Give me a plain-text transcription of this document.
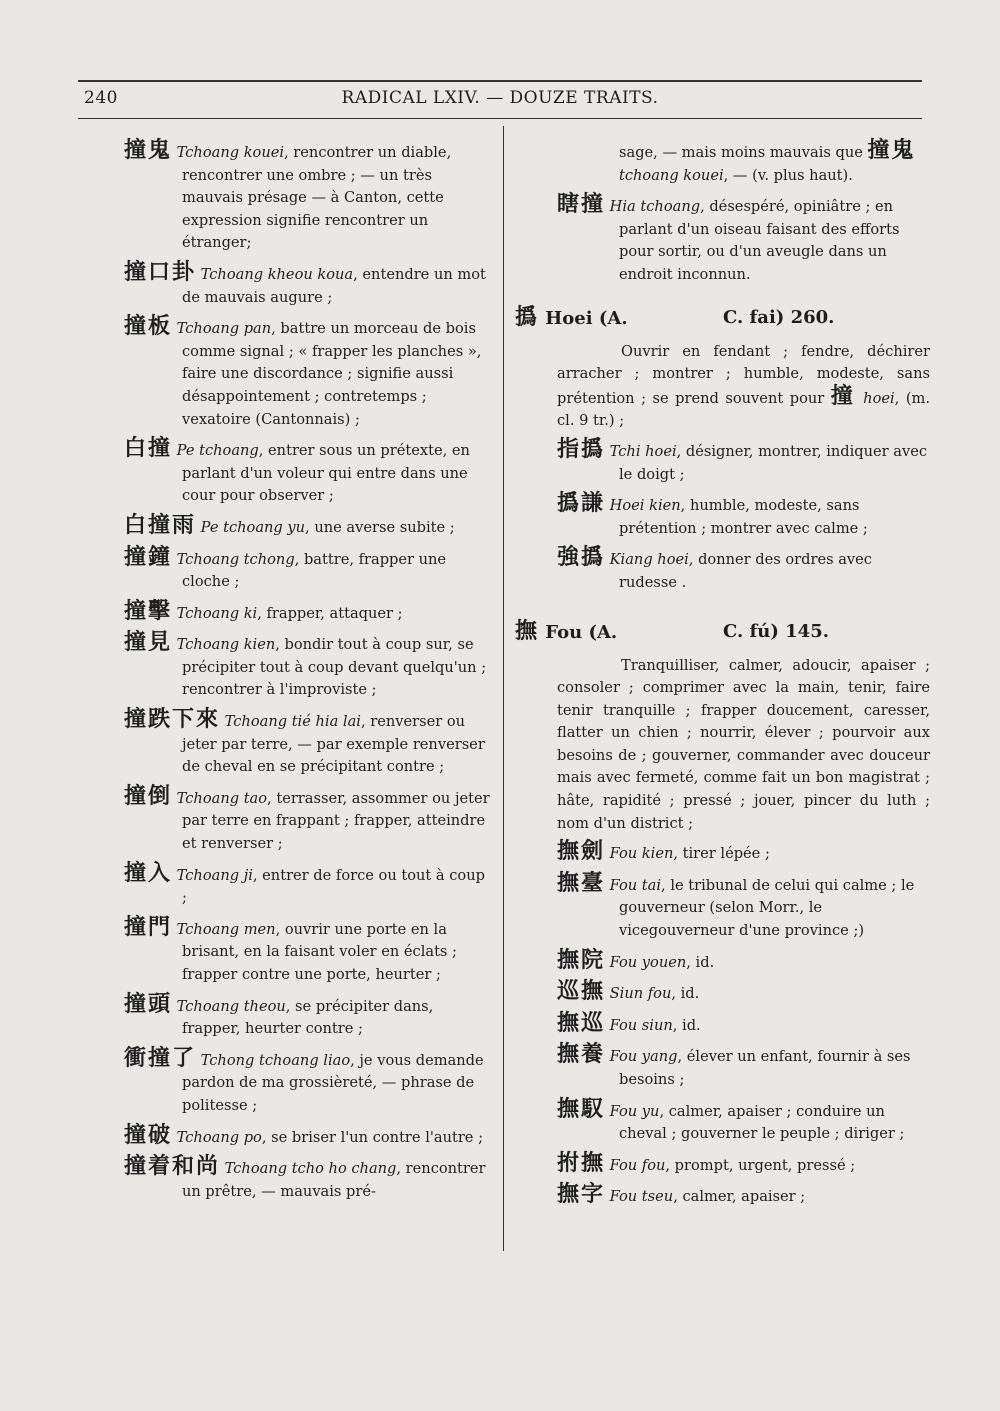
240	RADICAL LXIV. — DOUZE TRAITS.
撞鬼 Tchoang kouei, rencontrer un diable, rencontrer une ombre ; — un très mauvais présage — à Canton, cette expression signifie rencontrer un étranger;
撞口卦 Tchoang kheou koua, entendre un mot de mauvais augure ;
撞板 Tchoang pan, battre un morceau de bois comme signal ; « frapper les planches », faire une discordance ; signifie aussi désappointement ; contretemps ; vexatoire (Cantonnais) ;
白撞 Pe tchoang, entrer sous un prétexte, en parlant d'un voleur qui entre dans une cour pour observer ;
白撞雨 Pe tchoang yu, une averse subite ;
撞鐘 Tchoang tchong, battre, frapper une cloche ;
撞擊 Tchoang ki, frapper, attaquer ;
撞見 Tchoang kien, bondir tout à coup sur, se précipiter tout à coup devant quelqu'un ; rencontrer à l'improviste ;
撞跌下來 Tchoang tié hia lai, renverser ou jeter par terre, — par exemple renverser de cheval en se précipitant contre ;
撞倒 Tchoang tao, terrasser, assommer ou jeter par terre en frappant ; frapper, atteindre et renverser ;
撞入 Tchoang ji, entrer de force ou tout à coup ;
撞門 Tchoang men, ouvrir une porte en la brisant, en la faisant voler en éclats ; frapper contre une porte, heurter ;
撞頭 Tchoang theou, se précipiter dans, frapper, heurter contre ;
衝撞了 Tchong tchoang liao, je vous demande pardon de ma grossièreté, — phrase de politesse ;
撞破 Tchoang po, se briser l'un contre l'autre ;
撞着和尚 Tchoang tcho ho chang, rencontrer un prêtre, — mauvais pré-
sage, — mais moins mauvais que 撞鬼 tchoang kouei, — (v. plus haut).
瞎撞 Hia tchoang, désespéré, opiniâtre ; en parlant d'un oiseau faisant des efforts pour sortir, ou d'un aveugle dans un endroit inconnun.
撝 Hoei (A.	C. fai) 260.
Ouvrir en fendant ; fendre, déchirer arracher ; montrer ; humble, modeste, sans prétention ; se prend souvent pour 撞 hoei, (m. cl. 9 tr.) ;
指撝 Tchi hoei, désigner, montrer, indiquer avec le doigt ;
撝謙 Hoei kien, humble, modeste, sans prétention ; montrer avec calme ;
強撝 Kiang hoei, donner des ordres avec rudesse .
撫 Fou (A.	C. fú) 145.
Tranquilliser, calmer, adoucir, apaiser ; consoler ; comprimer avec la main, tenir, faire tenir tranquille ; frapper doucement, caresser, flatter un chien ; nourrir, élever ; pourvoir aux besoins de ; gouverner, commander avec douceur mais avec fermeté, comme fait un bon magistrat ; hâte, rapidité ; pressé ; jouer, pincer du luth ; nom d'un district ;
撫劍 Fou kien, tirer lépée ;
撫臺 Fou tai, le tribunal de celui qui calme ; le gouverneur (selon Morr., le vicegouverneur d'une province ;)
撫院 Fou youen, id.
巡撫 Siun fou, id.
撫巡 Fou siun, id.
撫養 Fou yang, élever un enfant, fournir à ses besoins ;
撫馭 Fou yu, calmer, apaiser ; conduire un cheval ; gouverner le peuple ; diriger ;
拊撫 Fou fou, prompt, urgent, pressé ;
撫字 Fou tseu, calmer, apaiser ;
